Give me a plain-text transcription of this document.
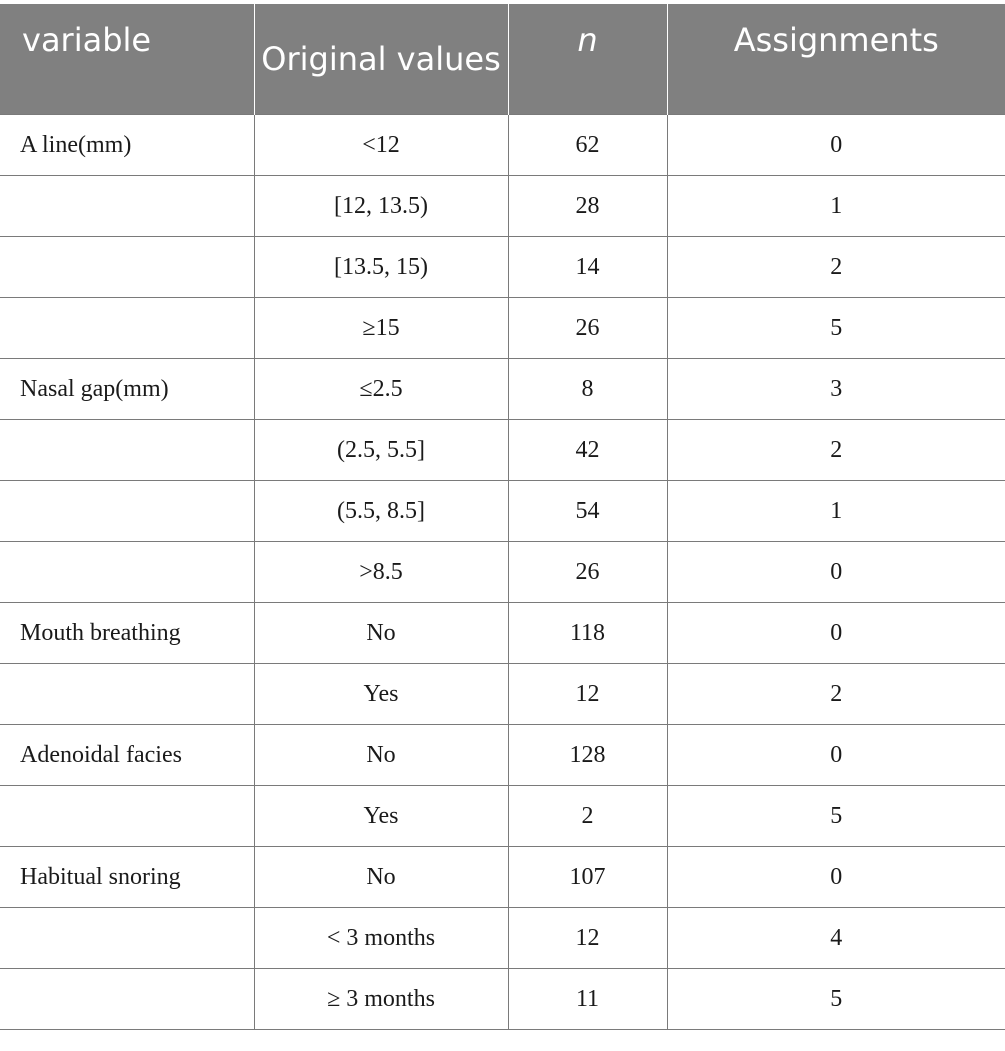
variable	Original values	n	Assignments
A line(mm)	<12	62	0
	[12, 13.5)	28	1
	[13.5, 15)	14	2
	≥15	26	5
Nasal gap(mm)	≤2.5	8	3
	(2.5, 5.5]	42	2
	(5.5, 8.5]	54	1
	>8.5	26	0
Mouth breathing	No	118	0
	Yes	12	2
Adenoidal facies	No	128	0
	Yes	2	5
Habitual snoring	No	107	0
	< 3 months	12	4
	≥ 3 months	11	5
